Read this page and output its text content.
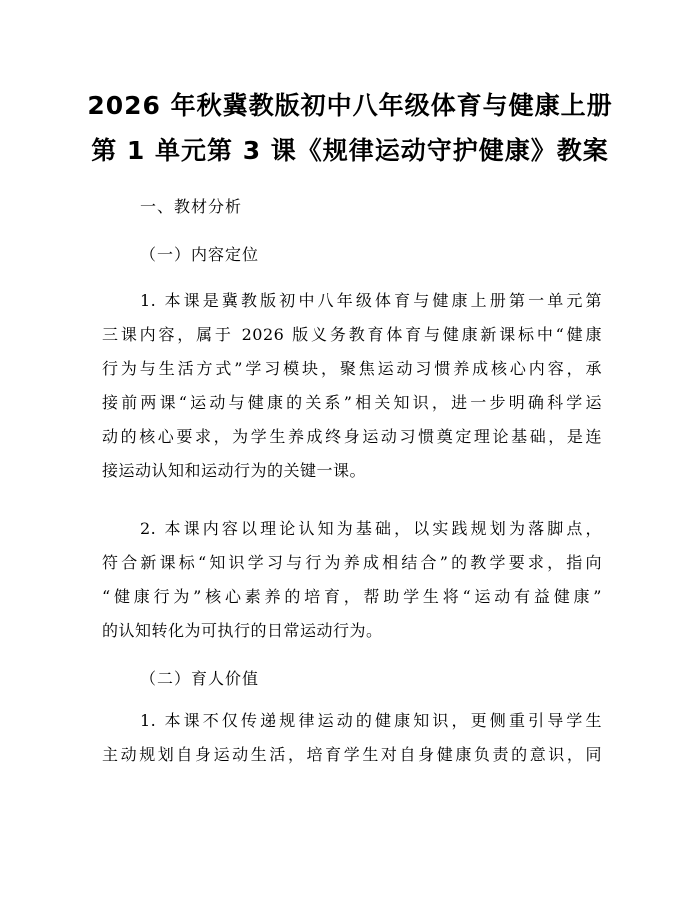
2026 年秋冀教版初中八年级体育与健康上册
第 1 单元第 3 课《规律运动守护健康》教案
一、教材分析
（一）内容定位
1. 本课是冀教版初中八年级体育与健康上册第一单元第
三课内容，属于 2026 版义务教育体育与健康新课标中“健康
行为与生活方式”学习模块，聚焦运动习惯养成核心内容，承
接前两课“运动与健康的关系”相关知识，进一步明确科学运
动的核心要求，为学生养成终身运动习惯奠定理论基础，是连
接运动认知和运动行为的关键一课。
2. 本课内容以理论认知为基础，以实践规划为落脚点，
符合新课标“知识学习与行为养成相结合”的教学要求，指向
“健康行为”核心素养的培育，帮助学生将“运动有益健康”
的认知转化为可执行的日常运动行为。
（二）育人价值
1. 本课不仅传递规律运动的健康知识，更侧重引导学生
主动规划自身运动生活，培育学生对自身健康负责的意识，同
